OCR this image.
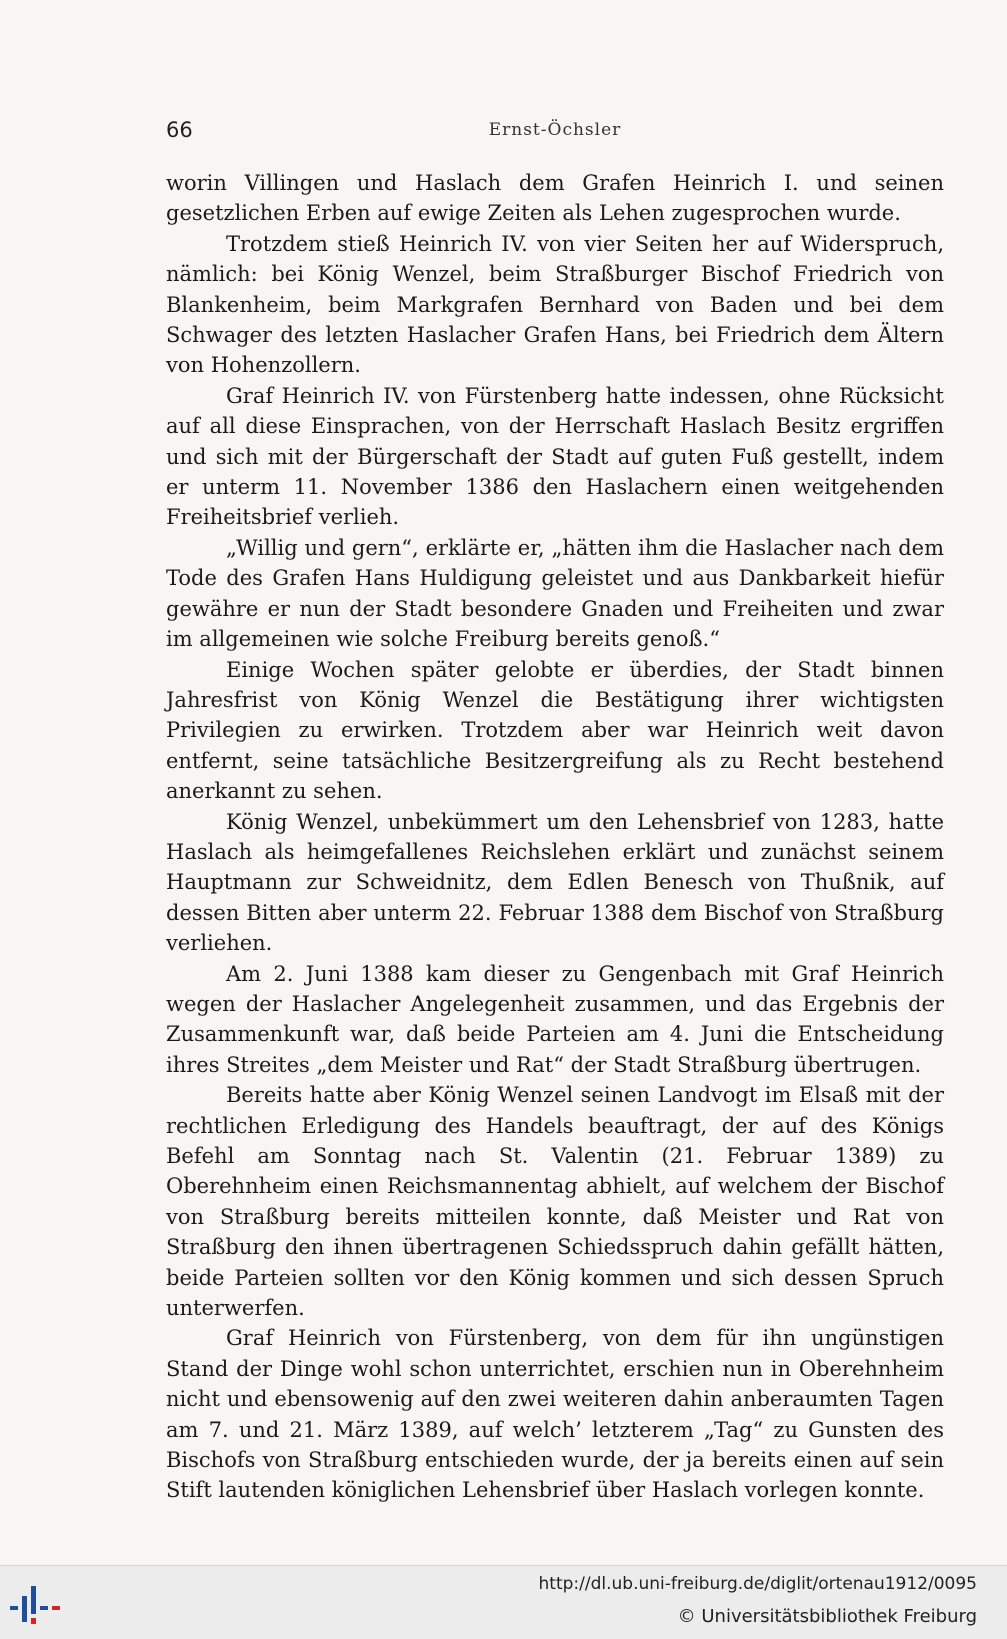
66	Ernst-Öchsler

worin Villingen und Haslach dem Grafen Heinrich I. und seinen gesetzlichen Erben auf ewige Zeiten als Lehen zugesprochen wurde.

Trotzdem stieß Heinrich IV. von vier Seiten her auf Widerspruch, nämlich: bei König Wenzel, beim Straßburger Bischof Friedrich von Blankenheim, beim Markgrafen Bernhard von Baden und bei dem Schwager des letzten Haslacher Grafen Hans, bei Friedrich dem Ältern von Hohenzollern.

Graf Heinrich IV. von Fürstenberg hatte indessen, ohne Rücksicht auf all diese Einsprachen, von der Herrschaft Haslach Besitz ergriffen und sich mit der Bürgerschaft der Stadt auf guten Fuß gestellt, indem er unterm 11. November 1386 den Haslachern einen weitgehenden Freiheitsbrief verlieh.

„Willig und gern“, erklärte er, „hätten ihm die Haslacher nach dem Tode des Grafen Hans Huldigung geleistet und aus Dankbarkeit hiefür gewähre er nun der Stadt besondere Gnaden und Freiheiten und zwar im allgemeinen wie solche Freiburg bereits genoß.“

Einige Wochen später gelobte er überdies, der Stadt binnen Jahresfrist von König Wenzel die Bestätigung ihrer wichtigsten Privilegien zu erwirken. Trotzdem aber war Heinrich weit davon entfernt, seine tatsächliche Besitzergreifung als zu Recht bestehend anerkannt zu sehen.

König Wenzel, unbekümmert um den Lehensbrief von 1283, hatte Haslach als heimgefallenes Reichslehen erklärt und zunächst seinem Hauptmann zur Schweidnitz, dem Edlen Benesch von Thußnik, auf dessen Bitten aber unterm 22. Februar 1388 dem Bischof von Straßburg verliehen.

Am 2. Juni 1388 kam dieser zu Gengenbach mit Graf Heinrich wegen der Haslacher Angelegenheit zusammen, und das Ergebnis der Zusammenkunft war, daß beide Parteien am 4. Juni die Entscheidung ihres Streites „dem Meister und Rat“ der Stadt Straßburg übertrugen.

Bereits hatte aber König Wenzel seinen Landvogt im Elsaß mit der rechtlichen Erledigung des Handels beauftragt, der auf des Königs Befehl am Sonntag nach St. Valentin (21. Februar 1389) zu Oberehnheim einen Reichsmannentag abhielt, auf welchem der Bischof von Straßburg bereits mitteilen konnte, daß Meister und Rat von Straßburg den ihnen übertragenen Schiedsspruch dahin gefällt hätten, beide Parteien sollten vor den König kommen und sich dessen Spruch unterwerfen.

Graf Heinrich von Fürstenberg, von dem für ihn ungünstigen Stand der Dinge wohl schon unterrichtet, erschien nun in Oberehnheim nicht und ebensowenig auf den zwei weiteren dahin anberaumten Tagen am 7. und 21. März 1389, auf welch’ letzterem „Tag“ zu Gunsten des Bischofs von Straßburg entschieden wurde, der ja bereits einen auf sein Stift lautenden königlichen Lehensbrief über Haslach vorlegen konnte.

http://dl.ub.uni-freiburg.de/diglit/ortenau1912/0095
© Universitätsbibliothek Freiburg
